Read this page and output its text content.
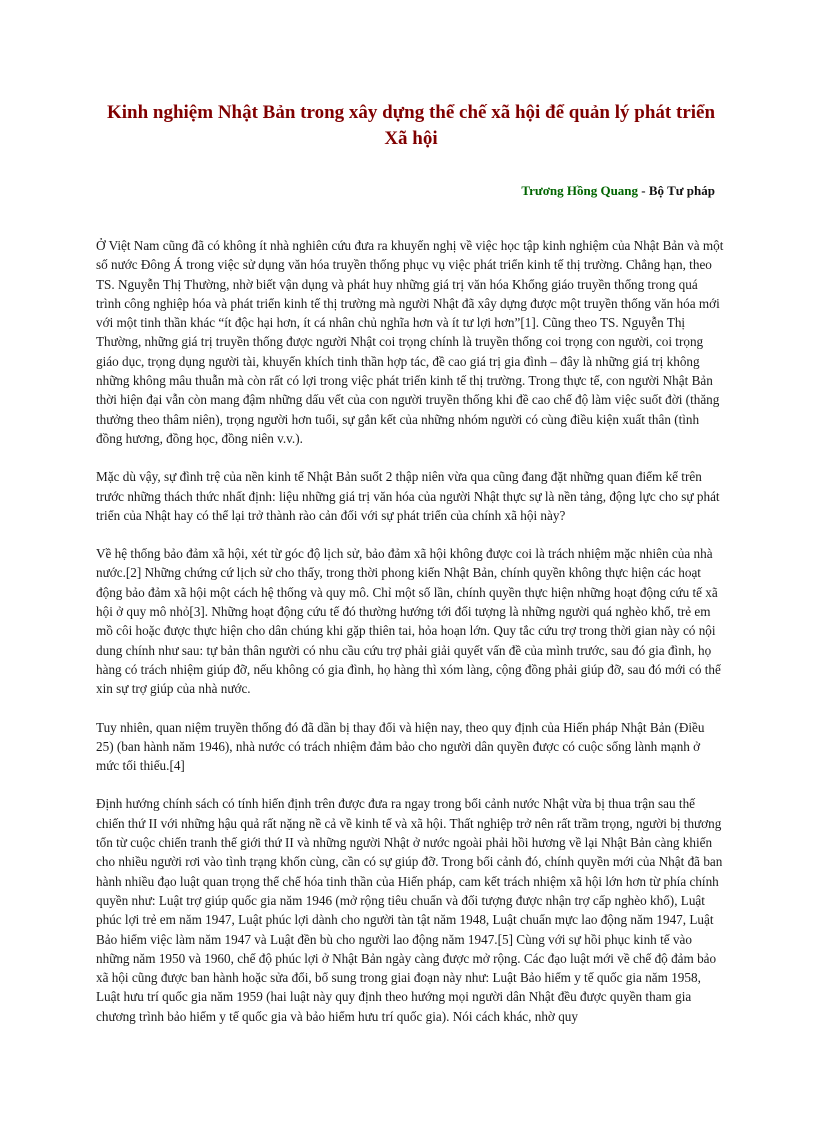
Kinh nghiệm Nhật Bản trong xây dựng thể chế xã hội để quản lý phát triển Xã hội

Trương Hồng Quang - Bộ Tư pháp

Ở Việt Nam cũng đã có không ít nhà nghiên cứu đưa ra khuyến nghị về việc học tập kinh nghiệm của Nhật Bản và một số nước Đông Á trong việc sử dụng văn hóa truyền thống phục vụ việc phát triển kinh tế thị trường. Chẳng hạn, theo TS. Nguyễn Thị Thường, nhờ biết vận dụng và phát huy những giá trị văn hóa Khổng giáo truyền thống trong quá trình công nghiệp hóa và phát triển kinh tế thị trường mà người Nhật đã xây dựng được một truyền thống văn hóa mới với một tinh thần khác “ít độc hại hơn, ít cá nhân chủ nghĩa hơn và ít tư lợi hơn”[1]. Cũng theo TS. Nguyễn Thị Thường, những giá trị truyền thống được người Nhật coi trọng chính là truyền thống coi trọng con người, coi trọng giáo dục, trọng dụng người tài, khuyến khích tinh thần hợp tác, đề cao giá trị gia đình – đây là những giá trị không những không mâu thuẫn mà còn rất có lợi trong việc phát triển kinh tế thị trường. Trong thực tế, con người Nhật Bản thời hiện đại vẫn còn mang đậm những dấu vết của con người truyền thống khi đề cao chế độ làm việc suốt đời (thăng thưởng theo thâm niên), trọng người hơn tuổi, sự gắn kết của những nhóm người có cùng điều kiện xuất thân (tình đồng hương, đồng học, đồng niên v.v.).

Mặc dù vậy, sự đình trệ của nền kinh tế Nhật Bản suốt 2 thập niên vừa qua cũng đang đặt những quan điểm kể trên trước những thách thức nhất định: liệu những giá trị văn hóa của người Nhật thực sự là nền tảng, động lực cho sự phát triển của Nhật hay có thể lại trở thành rào cản đối với sự phát triển của chính xã hội này?

Về hệ thống bảo đảm xã hội, xét từ góc độ lịch sử, bảo đảm xã hội không được coi là trách nhiệm mặc nhiên của nhà nước.[2] Những chứng cứ lịch sử cho thấy, trong thời phong kiến Nhật Bản, chính quyền không thực hiện các hoạt động bảo đảm xã hội một cách hệ thống và quy mô. Chỉ một số lần, chính quyền thực hiện những hoạt động cứu tế xã hội ở quy mô nhỏ[3]. Những hoạt động cứu tế đó thường hướng tới đối tượng là những người quá nghèo khổ, trẻ em mồ côi hoặc được thực hiện cho dân chúng khi gặp thiên tai, hỏa hoạn lớn. Quy tắc cứu trợ trong thời gian này có nội dung chính như sau: tự bản thân người có nhu cầu cứu trợ phải giải quyết vấn đề của mình trước, sau đó gia đình, họ hàng có trách nhiệm giúp đỡ, nếu không có gia đình, họ hàng thì xóm làng, cộng đồng phải giúp đỡ, sau đó mới có thể xin sự trợ giúp của nhà nước.

Tuy nhiên, quan niệm truyền thống đó đã dần bị thay đổi và hiện nay, theo quy định của Hiến pháp Nhật Bản (Điều 25) (ban hành năm 1946), nhà nước có trách nhiệm đảm bảo cho người dân quyền được có cuộc sống lành mạnh ở mức tối thiểu.[4]

Định hướng chính sách có tính hiến định trên được đưa ra ngay trong bối cảnh nước Nhật vừa bị thua trận sau thế chiến thứ II với những hậu quả rất nặng nề cả về kinh tế và xã hội. Thất nghiệp trở nên rất trầm trọng, người bị thương tổn từ cuộc chiến tranh thế giới thứ II và những người Nhật ở nước ngoài phải hồi hương về lại Nhật Bản càng khiến cho nhiều người rơi vào tình trạng khốn cùng, cần có sự giúp đỡ. Trong bối cảnh đó, chính quyền mới của Nhật đã ban hành nhiều đạo luật quan trọng thể chế hóa tinh thần của Hiến pháp, cam kết trách nhiệm xã hội lớn hơn từ phía chính quyền như: Luật trợ giúp quốc gia năm 1946 (mở rộng tiêu chuẩn và đối tượng được nhận trợ cấp nghèo khổ), Luật phúc lợi trẻ em năm 1947, Luật phúc lợi dành cho người tàn tật năm 1948, Luật chuẩn mực lao động năm 1947, Luật Bảo hiểm việc làm năm 1947 và Luật đền bù cho người lao động năm 1947.[5] Cùng với sự hồi phục kinh tế vào những năm 1950 và 1960, chế độ phúc lợi ở Nhật Bản ngày càng được mở rộng. Các đạo luật mới về chế độ đảm bảo xã hội cũng được ban hành hoặc sửa đổi, bổ sung trong giai đoạn này như: Luật Bảo hiểm y tế quốc gia năm 1958, Luật hưu trí quốc gia năm 1959 (hai luật này quy định theo hướng mọi người dân Nhật đều được quyền tham gia chương trình bảo hiểm y tế quốc gia và bảo hiểm hưu trí quốc gia). Nói cách khác, nhờ quy
